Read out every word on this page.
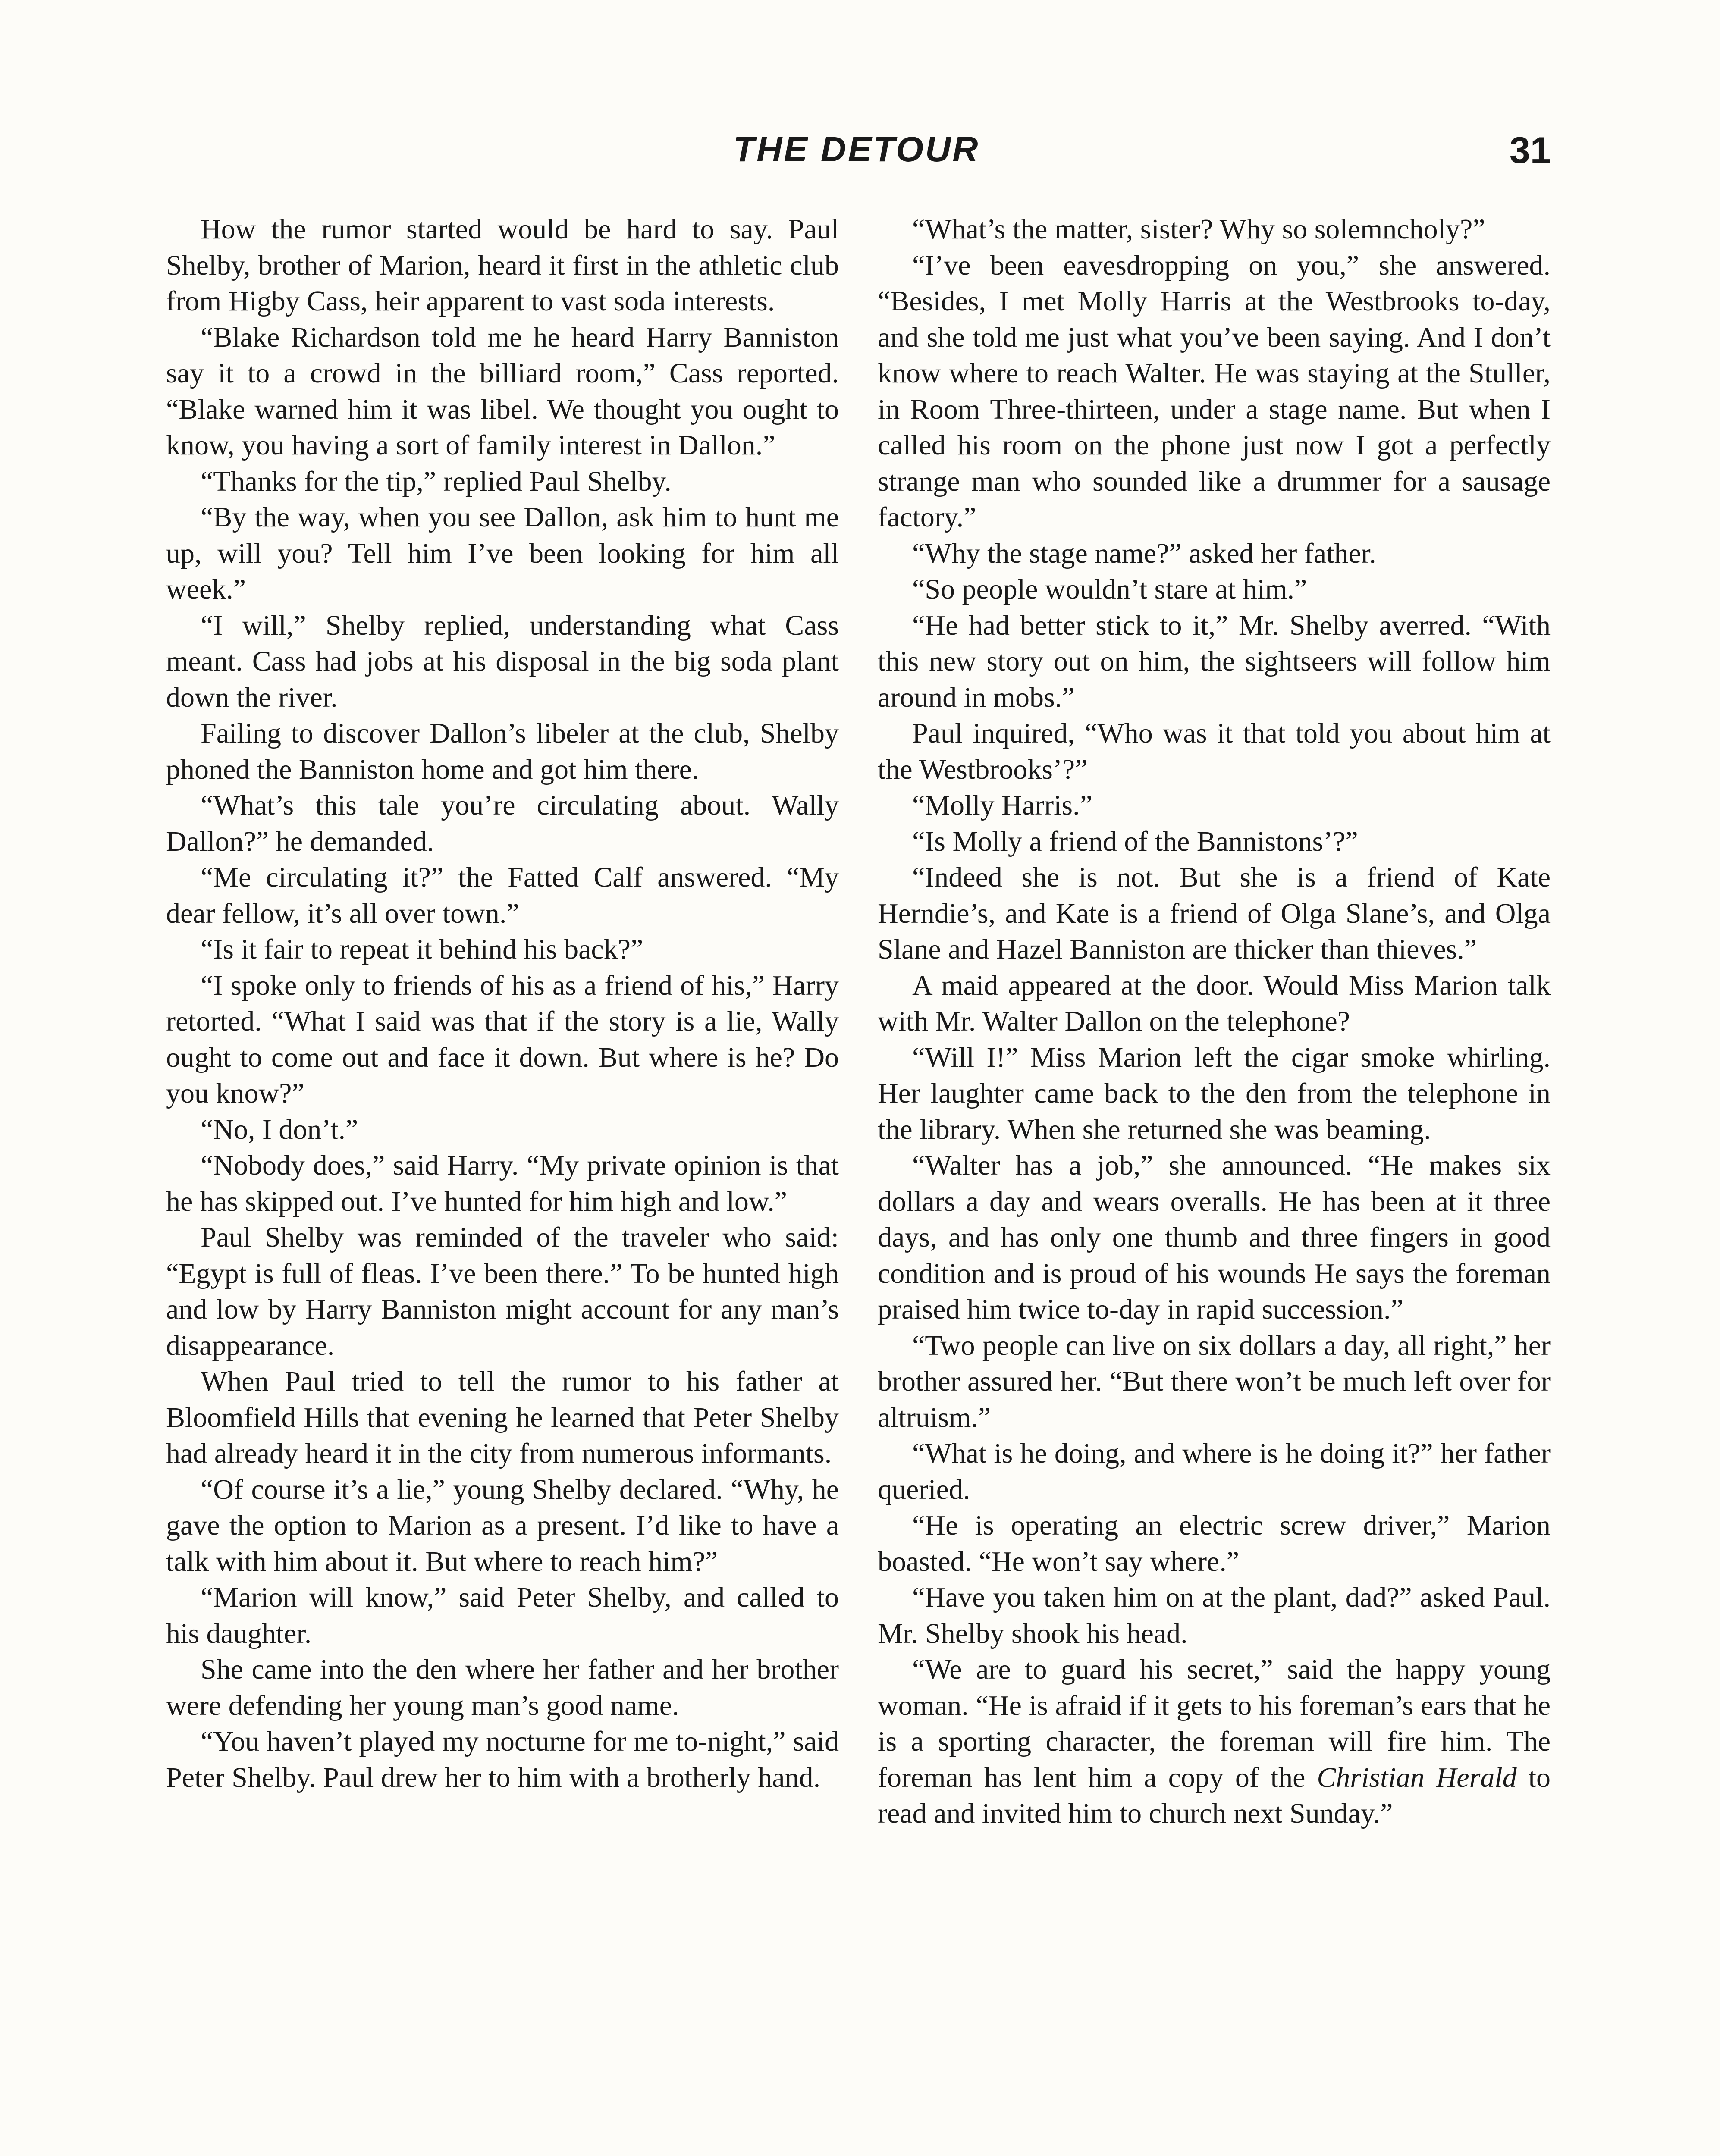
THE DETOUR	31

How the rumor started would be hard to say. Paul Shelby, brother of Marion, heard it first in the athletic club from Higby Cass, heir apparent to vast soda interests.

“Blake Richardson told me he heard Harry Banniston say it to a crowd in the billiard room,” Cass reported. “Blake warned him it was libel. We thought you ought to know, you having a sort of family interest in Dallon.”

“Thanks for the tip,” replied Paul Shelby.

“By the way, when you see Dallon, ask him to hunt me up, will you? Tell him I’ve been looking for him all week.”

“I will,” Shelby replied, understanding what Cass meant. Cass had jobs at his disposal in the big soda plant down the river.

Failing to discover Dallon’s libeler at the club, Shelby phoned the Banniston home and got him there.

“What’s this tale you’re circulating about. Wally Dallon?” he demanded.

“Me circulating it?” the Fatted Calf answered. “My dear fellow, it’s all over town.”

“Is it fair to repeat it behind his back?”

“I spoke only to friends of his as a friend of his,” Harry retorted. “What I said was that if the story is a lie, Wally ought to come out and face it down. But where is he? Do you know?”

“No, I don’t.”

“Nobody does,” said Harry. “My private opinion is that he has skipped out. I’ve hunted for him high and low.”

Paul Shelby was reminded of the traveler who said: “Egypt is full of fleas. I’ve been there.” To be hunted high and low by Harry Banniston might account for any man’s disappearance.

When Paul tried to tell the rumor to his father at Bloomfield Hills that evening he learned that Peter Shelby had already heard it in the city from numerous informants.

“Of course it’s a lie,” young Shelby declared. “Why, he gave the option to Marion as a present. I’d like to have a talk with him about it. But where to reach him?”

“Marion will know,” said Peter Shelby, and called to his daughter.

She came into the den where her father and her brother were defending her young man’s good name.

“You haven’t played my nocturne for me to-night,” said Peter Shelby. Paul drew her to him with a brotherly hand.

“What’s the matter, sister? Why so solemncholy?”

“I’ve been eavesdropping on you,” she answered. “Besides, I met Molly Harris at the Westbrooks to-day, and she told me just what you’ve been saying. And I don’t know where to reach Walter. He was staying at the Stuller, in Room Three-thirteen, under a stage name. But when I called his room on the phone just now I got a perfectly strange man who sounded like a drummer for a sausage factory.”

“Why the stage name?” asked her father.

“So people wouldn’t stare at him.”

“He had better stick to it,” Mr. Shelby averred. “With this new story out on him, the sightseers will follow him around in mobs.”

Paul inquired, “Who was it that told you about him at the Westbrooks’?”

“Molly Harris.”

“Is Molly a friend of the Bannistons’?”

“Indeed she is not. But she is a friend of Kate Herndie’s, and Kate is a friend of Olga Slane’s, and Olga Slane and Hazel Banniston are thicker than thieves.”

A maid appeared at the door. Would Miss Marion talk with Mr. Walter Dallon on the telephone?

“Will I!” Miss Marion left the cigar smoke whirling. Her laughter came back to the den from the telephone in the library. When she returned she was beaming.

“Walter has a job,” she announced. “He makes six dollars a day and wears overalls. He has been at it three days, and has only one thumb and three fingers in good condition and is proud of his wounds He says the foreman praised him twice to-day in rapid succession.”

“Two people can live on six dollars a day, all right,” her brother assured her. “But there won’t be much left over for altruism.”

“What is he doing, and where is he doing it?” her father queried.

“He is operating an electric screw driver,” Marion boasted. “He won’t say where.”

“Have you taken him on at the plant, dad?” asked Paul. Mr. Shelby shook his head.

“We are to guard his secret,” said the happy young woman. “He is afraid if it gets to his foreman’s ears that he is a sporting character, the foreman will fire him. The foreman has lent him a copy of the Christian Herald to read and invited him to church next Sunday.”
